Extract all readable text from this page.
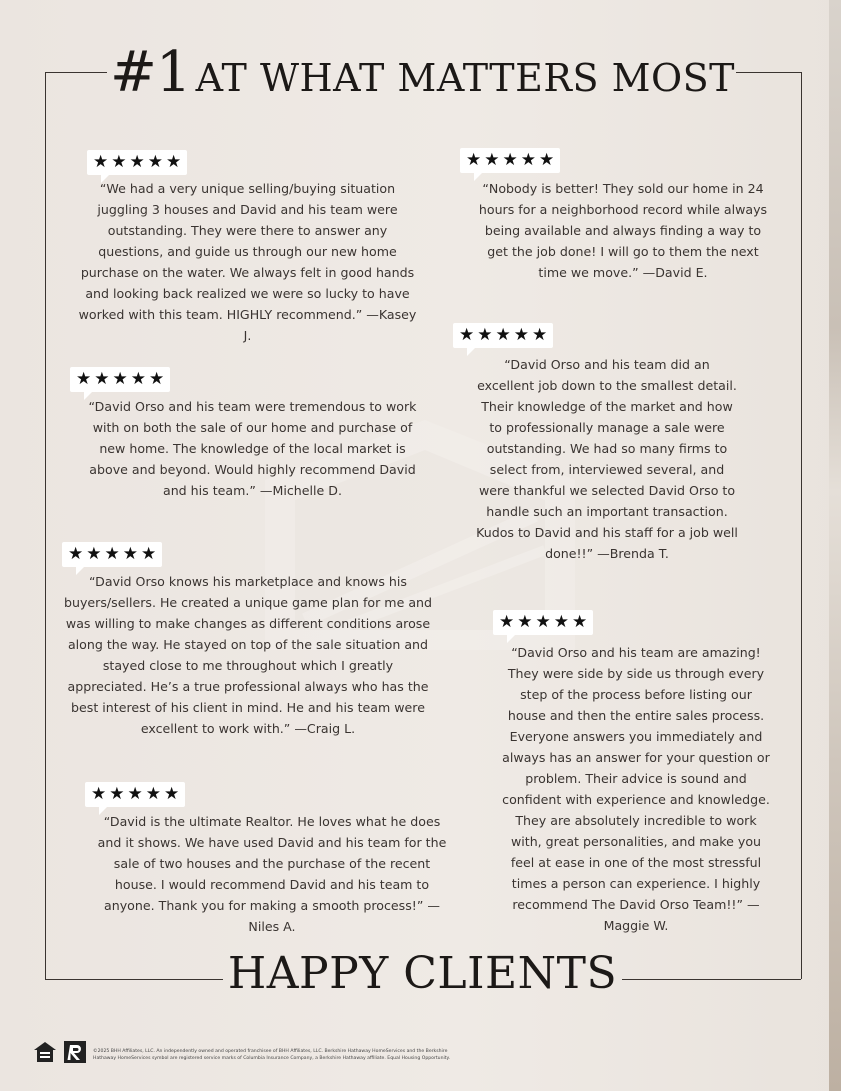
#1 AT WHAT MATTERS MOST
★ ★ ★ ★ ★

“We had a very unique selling/buying situation juggling 3 houses and David and his team were outstanding. They were there to answer any questions, and guide us through our new home purchase on the water. We always felt in good hands and looking back realized we were so lucky to have worked with this team. HIGHLY recommend.” —Kasey J.

★ ★ ★ ★ ★

“David Orso and his team were tremendous to work with on both the sale of our home and purchase of new home. The knowledge of the local market is above and beyond. Would highly recommend David and his team.” —Michelle D.

★ ★ ★ ★ ★

“David Orso knows his marketplace and knows his buyers/sellers. He created a unique game plan for me and was willing to make changes as different conditions arose along the way. He stayed on top of the sale situation and stayed close to me throughout which I greatly appreciated. He’s a true professional always who has the best interest of his client in mind. He and his team were excellent to work with.” —Craig L.

★ ★ ★ ★ ★

“David is the ultimate Realtor. He loves what he does and it shows. We have used David and his team for the sale of two houses and the purchase of the recent house. I would recommend David and his team to anyone. Thank you for making a smooth process!” —Niles A.

★ ★ ★ ★ ★

“Nobody is better! They sold our home in 24 hours for a neighborhood record while always being available and always finding a way to get the job done! I will go to them the next time we move.” —David E.

★ ★ ★ ★ ★

“David Orso and his team did an excellent job down to the smallest detail. Their knowledge of the market and how to professionally manage a sale were outstanding. We had so many firms to select from, interviewed several, and were thankful we selected David Orso to handle such an important transaction. Kudos to David and his staff for a job well done!!” —Brenda T.

★ ★ ★ ★ ★

“David Orso and his team are amazing! They were side by side us through every step of the process before listing our house and then the entire sales process. Everyone answers you immediately and always has an answer for your question or problem. Their advice is sound and confident with experience and knowledge. They are absolutely incredible to work with, great personalities, and make you feel at ease in one of the most stressful times a person can experience. I highly recommend The David Orso Team!!” —Maggie W.

HAPPY CLIENTS
©2025 BHH Affiliates, LLC. An independently owned and operated franchisee of BHH Affiliates, LLC. Berkshire Hathaway HomeServices and the Berkshire Hathaway HomeServices symbol are registered service marks of Columbia Insurance Company, a Berkshire Hathaway affiliate. Equal Housing Opportunity.
